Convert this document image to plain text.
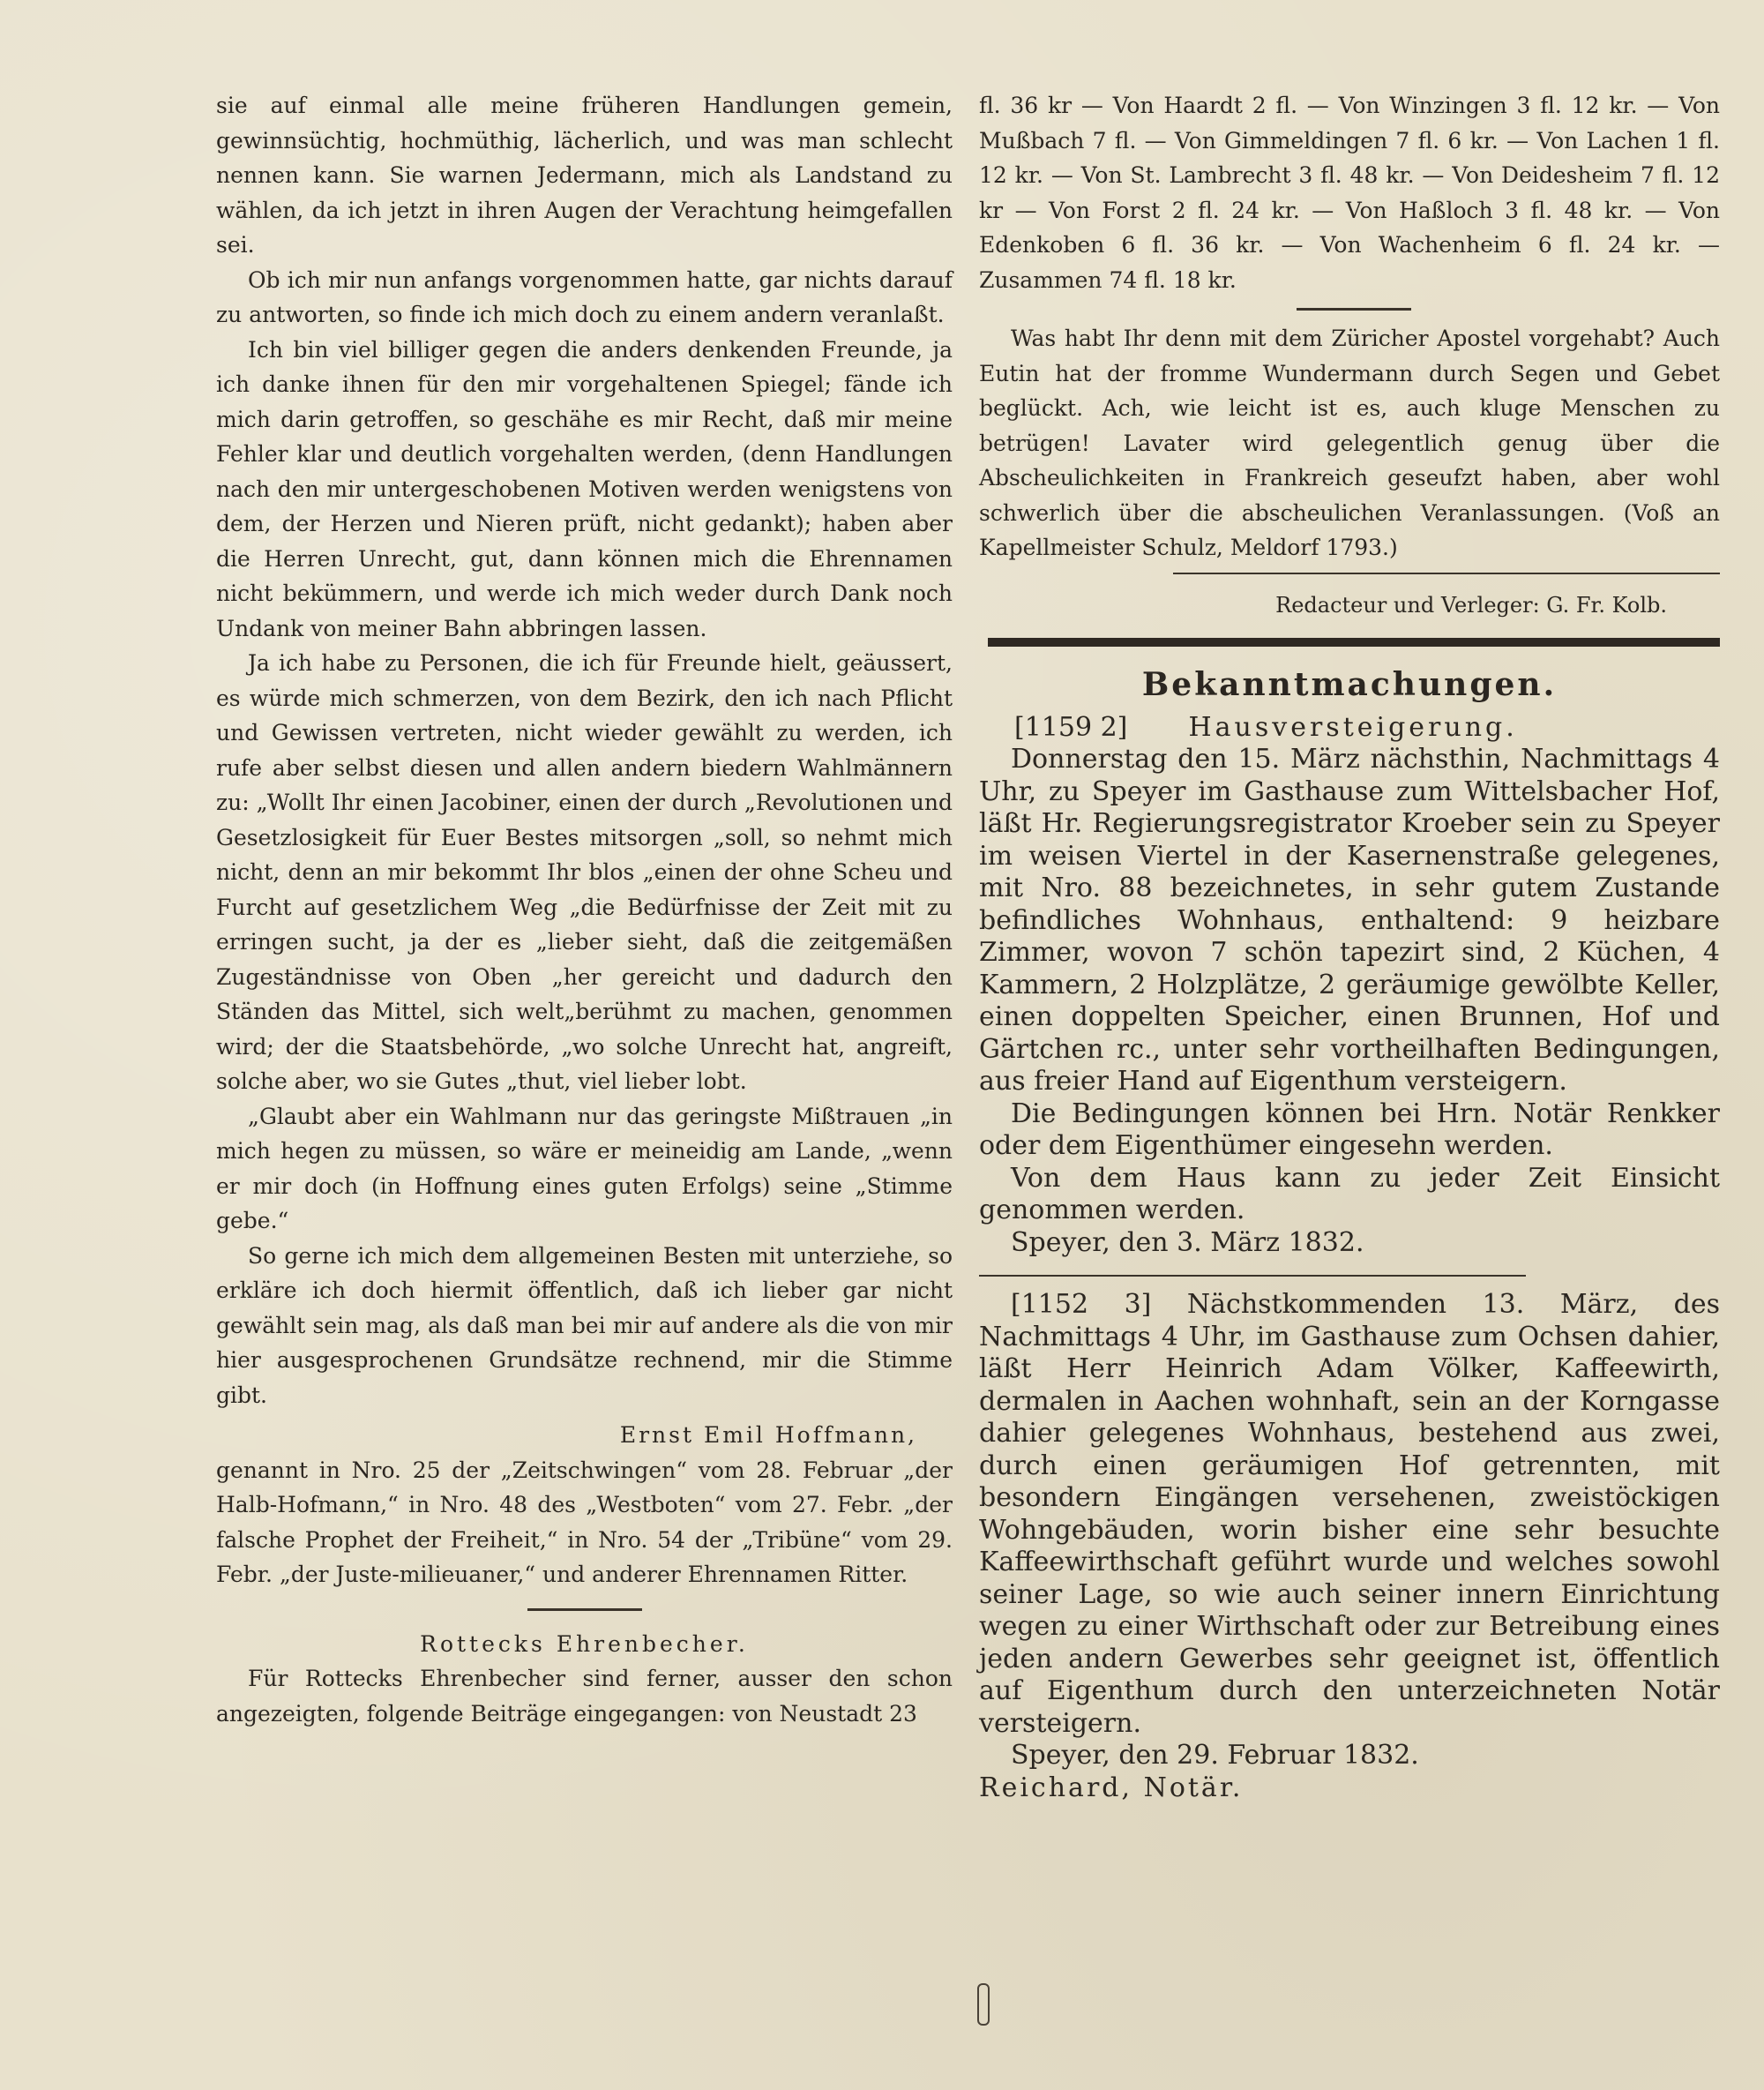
sie auf einmal alle meine früheren Handlungen gemein, gewinnsüchtig, hochmüthig, lächerlich, und was man schlecht nennen kann. Sie warnen Jedermann, mich als Landstand zu wählen, da ich jetzt in ihren Augen der Verachtung heimgefallen sei.

Ob ich mir nun anfangs vorgenommen hatte, gar nichts darauf zu antworten, so finde ich mich doch zu einem andern veranlaßt.

Ich bin viel billiger gegen die anders denkenden Freunde, ja ich danke ihnen für den mir vorgehaltenen Spiegel; fände ich mich darin getroffen, so geschähe es mir Recht, daß mir meine Fehler klar und deutlich vorgehalten werden, (denn Handlungen nach den mir untergeschobenen Motiven werden wenigstens von dem, der Herzen und Nieren prüft, nicht gedankt); haben aber die Herren Unrecht, gut, dann können mich die Ehrennamen nicht bekümmern, und werde ich mich weder durch Dank noch Undank von meiner Bahn abbringen lassen.

Ja ich habe zu Personen, die ich für Freunde hielt, geäussert, es würde mich schmerzen, von dem Bezirk, den ich nach Pflicht und Gewissen vertreten, nicht wieder gewählt zu werden, ich rufe aber selbst diesen und allen andern biedern Wahlmännern zu: „Wollt Ihr einen Jacobiner, einen der durch „Revolutionen und Gesetzlosigkeit für Euer Bestes mitsorgen „soll, so nehmt mich nicht, denn an mir bekommt Ihr blos „einen der ohne Scheu und Furcht auf gesetzlichem Weg „die Bedürfnisse der Zeit mit zu erringen sucht, ja der es „lieber sieht, daß die zeitgemäßen Zugeständnisse von Oben „her gereicht und dadurch den Ständen das Mittel, sich welt„berühmt zu machen, genommen wird; der die Staatsbehörde, „wo solche Unrecht hat, angreift, solche aber, wo sie Gutes „thut, viel lieber lobt.

„Glaubt aber ein Wahlmann nur das geringste Mißtrauen „in mich hegen zu müssen, so wäre er meineidig am Lande, „wenn er mir doch (in Hoffnung eines guten Erfolgs) seine „Stimme gebe.“

So gerne ich mich dem allgemeinen Besten mit unterziehe, so erkläre ich doch hiermit öffentlich, daß ich lieber gar nicht gewählt sein mag, als daß man bei mir auf andere als die von mir hier ausgesprochenen Grundsätze rechnend, mir die Stimme gibt.

Ernst Emil Hoffmann,

genannt in Nro. 25 der „Zeitschwingen“ vom 28. Februar „der Halb-Hofmann,“ in Nro. 48 des „Westboten“ vom 27. Febr. „der falsche Prophet der Freiheit,“ in Nro. 54 der „Tribüne“ vom 29. Febr. „der Juste-milieuaner,“ und anderer Ehrennamen Ritter.

Rottecks Ehrenbecher.

Für Rottecks Ehrenbecher sind ferner, ausser den schon angezeigten, folgende Beiträge eingegangen: von Neustadt 23

fl. 36 kr — Von Haardt 2 fl. — Von Winzingen 3 fl. 12 kr. — Von Mußbach 7 fl. — Von Gimmeldingen 7 fl. 6 kr. — Von Lachen 1 fl. 12 kr. — Von St. Lambrecht 3 fl. 48 kr. — Von Deidesheim 7 fl. 12 kr — Von Forst 2 fl. 24 kr. — Von Haßloch 3 fl. 48 kr. — Von Edenkoben 6 fl. 36 kr. — Von Wachenheim 6 fl. 24 kr. — Zusammen 74 fl. 18 kr.

Was habt Ihr denn mit dem Züricher Apostel vorgehabt? Auch Eutin hat der fromme Wundermann durch Segen und Gebet beglückt. Ach, wie leicht ist es, auch kluge Menschen zu betrügen! Lavater wird gelegentlich genug über die Abscheulichkeiten in Frankreich geseufzt haben, aber wohl schwerlich über die abscheulichen Veranlassungen. (Voß an Kapellmeister Schulz, Meldorf 1793.)

Redacteur und Verleger: G. Fr. Kolb.

Bekanntmachungen.

[1159 2] Hausversteigerung.

Donnerstag den 15. März nächsthin, Nachmittags 4 Uhr, zu Speyer im Gasthause zum Wittelsbacher Hof, läßt Hr. Regierungsregistrator Kroeber sein zu Speyer im weisen Viertel in der Kasernenstraße gelegenes, mit Nro. 88 bezeichnetes, in sehr gutem Zustande befindliches Wohnhaus, enthaltend: 9 heizbare Zimmer, wovon 7 schön tapezirt sind, 2 Küchen, 4 Kammern, 2 Holzplätze, 2 geräumige gewölbte Keller, einen doppelten Speicher, einen Brunnen, Hof und Gärtchen rc., unter sehr vortheilhaften Bedingungen, aus freier Hand auf Eigenthum versteigern.

Die Bedingungen können bei Hrn. Notär Renkker oder dem Eigenthümer eingesehn werden.

Von dem Haus kann zu jeder Zeit Einsicht genommen werden.

Speyer, den 3. März 1832.

[1152 3] Nächstkommenden 13. März, des Nachmittags 4 Uhr, im Gasthause zum Ochsen dahier, läßt Herr Heinrich Adam Völker, Kaffeewirth, dermalen in Aachen wohnhaft, sein an der Korngasse dahier gelegenes Wohnhaus, bestehend aus zwei, durch einen geräumigen Hof getrennten, mit besondern Eingängen versehenen, zweistöckigen Wohngebäuden, worin bisher eine sehr besuchte Kaffeewirthschaft geführt wurde und welches sowohl seiner Lage, so wie auch seiner innern Einrichtung wegen zu einer Wirthschaft oder zur Betreibung eines jeden andern Gewerbes sehr geeignet ist, öffentlich auf Eigenthum durch den unterzeichneten Notär versteigern.

Speyer, den 29. Februar 1832.

Reichard, Notär.
